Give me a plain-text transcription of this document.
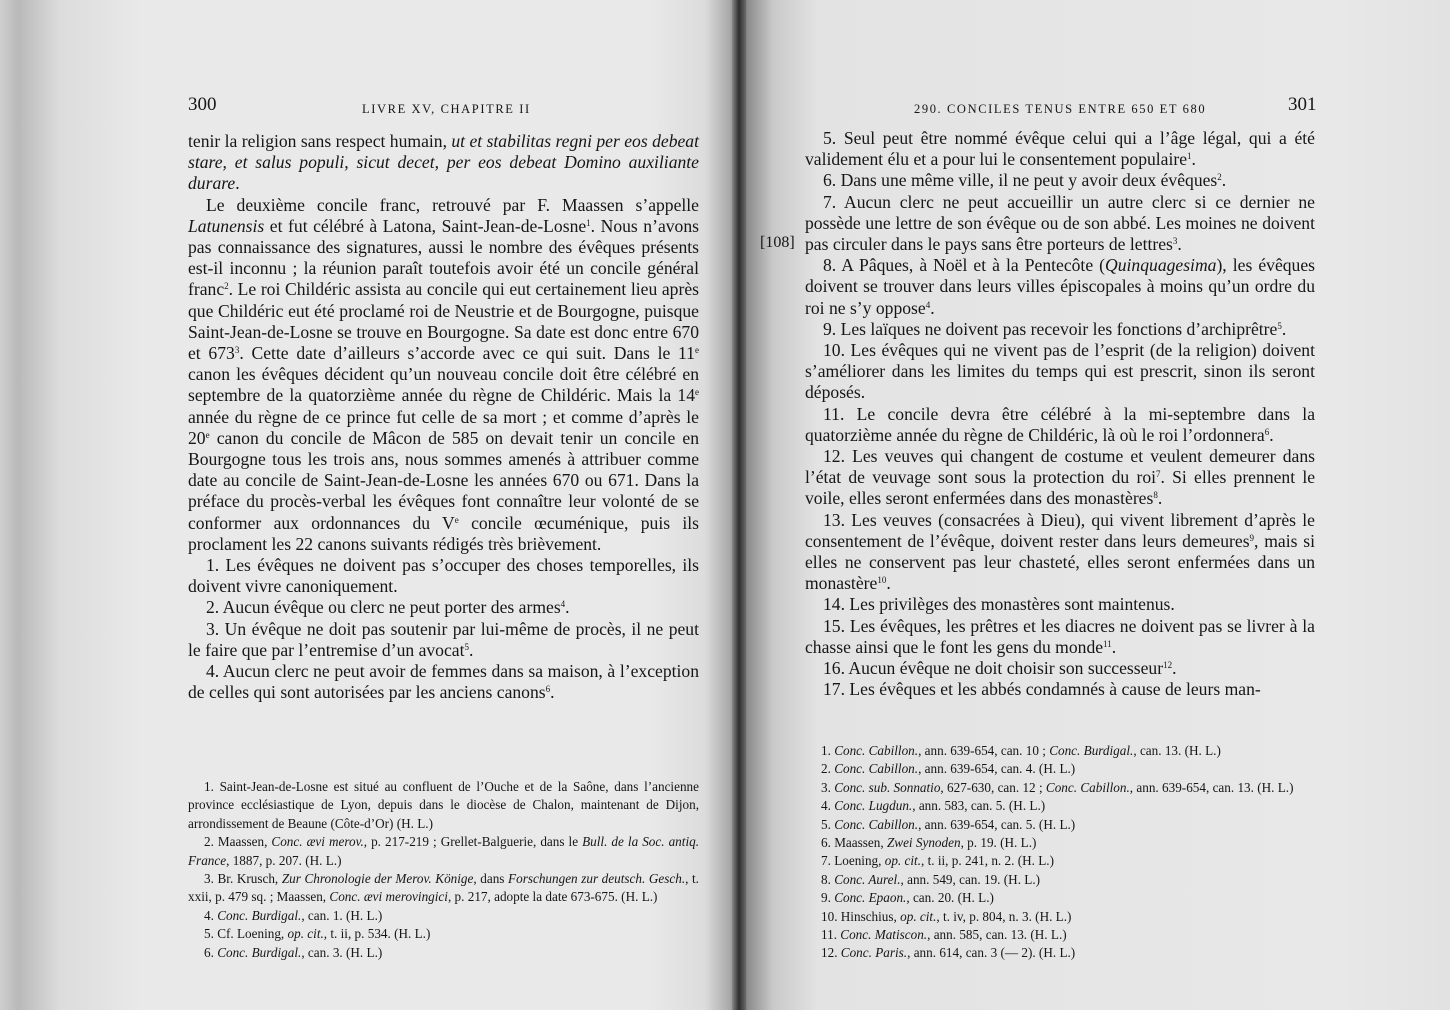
300	LIVRE XV, CHAPITRE II

tenir la religion sans respect humain, ut et stabilitas regni per eos debeat stare, et salus populi, sicut decet, per eos debeat Domino auxiliante durare.

Le deuxième concile franc, retrouvé par F. Maassen s’appelle Latunensis et fut célébré à Latona, Saint-Jean-de-Losne$^1$. Nous n’avons pas connaissance des signatures, aussi le nombre des évêques présents est-il inconnu ; la réunion paraît toutefois avoir été un concile général franc$^2$. Le roi Childéric assista au concile qui eut certainement lieu après que Childéric eut été proclamé roi de Neustrie et de Bourgogne, puisque Saint-Jean-de-Losne se trouve en Bourgogne. Sa date est donc entre 670 et $673^3$. Cette date d’ailleurs s’accorde avec ce qui suit. Dans le 11e canon les évêques décident qu’un nouveau concile doit être célébré en septembre de la quatorzième année du règne de Childéric. Mais la 14e année du règne de ce prince fut celle de sa mort ; et comme d’après le 20e canon du concile de Mâcon de 585 on devait tenir un concile en Bourgogne tous les trois ans, nous sommes amenés à attribuer comme date au concile de Saint-Jean-de-Losne les années 670 ou 671. Dans la préface du procès-verbal les évêques font connaître leur volonté de se conformer aux ordonnances du Ve concile œcuménique, puis ils proclament les 22 canons suivants rédigés très brièvement.

1. Les évêques ne doivent pas s’occuper des choses temporelles, ils doivent vivre canoniquement.

2. Aucun évêque ou clerc ne peut porter des armes$^4$.

3. Un évêque ne doit pas soutenir par lui-même de procès, il ne peut le faire que par l’entremise d’un avocat$^5$.

4. Aucun clerc ne peut avoir de femmes dans sa maison, à l’exception de celles qui sont autorisées par les anciens canons$^6$.

1. Saint-Jean-de-Losne est situé au confluent de l’Ouche et de la Saône, dans l’ancienne province ecclésiastique de Lyon, depuis dans le diocèse de Chalon, maintenant de Dijon, arrondissement de Beaune (Côte-d’Or) (H. L.)

2. Maassen, Conc. ævi merov., p. 217-219 ; Grellet-Balguerie, dans le Bull. de la Soc. antiq. France, 1887, p. 207. (H. L.)

3. Br. Krusch, Zur Chronologie der Merov. Könige, dans Forschungen zur deutsch. Gesch., t. xxii, p. 479 sq. ; Maassen, Conc. ævi merovingici, p. 217, adopte la date 673-675. (H. L.)

4. Conc. Burdigal., can. 1. (H. L.)

5. Cf. Loening, op. cit., t. ii, p. 534. (H. L.)

6. Conc. Burdigal., can. 3. (H. L.)

290. CONCILES TENUS ENTRE 650 ET 680	301
[108]

5. Seul peut être nommé évêque celui qui a l’âge légal, qui a été validement élu et a pour lui le consentement populaire$^1$.

6. Dans une même ville, il ne peut y avoir deux évêques$^2$.

7. Aucun clerc ne peut accueillir un autre clerc si ce dernier ne possède une lettre de son évêque ou de son abbé. Les moines ne doivent pas circuler dans le pays sans être porteurs de lettres$^3$.

8. A Pâques, à Noël et à la Pentecôte (Quinquagesima), les évêques doivent se trouver dans leurs villes épiscopales à moins qu’un ordre du roi ne s’y oppose$^4$.

9. Les laïques ne doivent pas recevoir les fonctions d’archiprêtre$^5$.

10. Les évêques qui ne vivent pas de l’esprit (de la religion) doivent s’améliorer dans les limites du temps qui est prescrit, sinon ils seront déposés.

11. Le concile devra être célébré à la mi-septembre dans la quatorzième année du règne de Childéric, là où le roi l’ordonnera$^6$.

12. Les veuves qui changent de costume et veulent demeurer dans l’état de veuvage sont sous la protection du roi$^7$. Si elles prennent le voile, elles seront enfermées dans des monastères$^8$.

13. Les veuves (consacrées à Dieu), qui vivent librement d’après le consentement de l’évêque, doivent rester dans leurs demeures$^9$, mais si elles ne conservent pas leur chasteté, elles seront enfermées dans un monastère$^{10}$.

14. Les privilèges des monastères sont maintenus.

15. Les évêques, les prêtres et les diacres ne doivent pas se livrer à la chasse ainsi que le font les gens du monde$^{11}$.

16. Aucun évêque ne doit choisir son successeur$^{12}$.

17. Les évêques et les abbés condamnés à cause de leurs man-

1. Conc. Cabillon., ann. 639-654, can. 10 ; Conc. Burdigal., can. 13. (H. L.)

2. Conc. Cabillon., ann. 639-654, can. 4. (H. L.)

3. Conc. sub. Sonnatio, 627-630, can. 12 ; Conc. Cabillon., ann. 639-654, can. 13. (H. L.)

4. Conc. Lugdun., ann. 583, can. 5. (H. L.)

5. Conc. Cabillon., ann. 639-654, can. 5. (H. L.)

6. Maassen, Zwei Synoden, p. 19. (H. L.)

7. Loening, op. cit., t. ii, p. 241, n. 2. (H. L.)

8. Conc. Aurel., ann. 549, can. 19. (H. L.)

9. Conc. Epaon., can. 20. (H. L.)

10. Hinschius, op. cit., t. iv, p. 804, n. 3. (H. L.)

11. Conc. Matiscon., ann. 585, can. 13. (H. L.)

12. Conc. Paris., ann. 614, can. 3 (— 2). (H. L.)
